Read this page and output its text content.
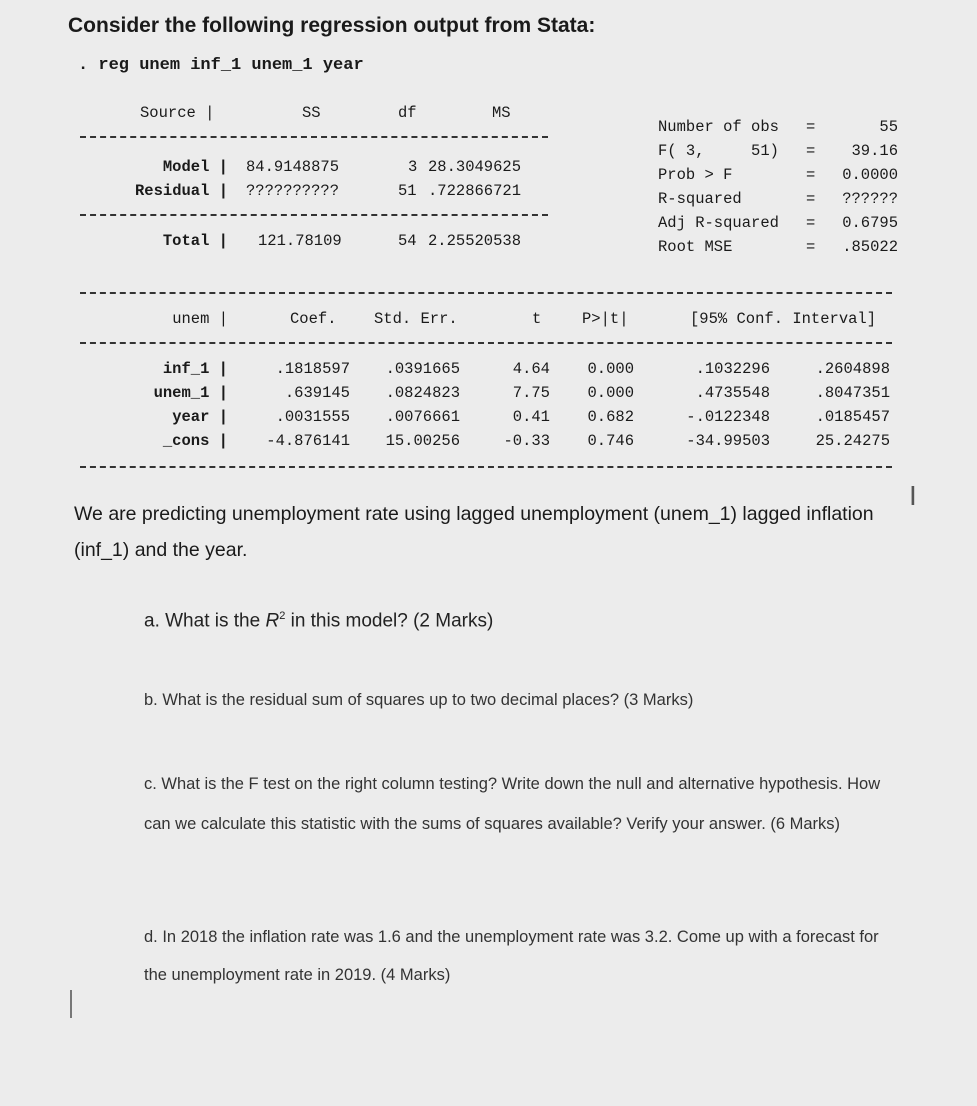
Consider the following regression output from Stata:
. reg unem inf_1 unem_1 year
Source |	SS	df	MS
Model | 84.9148875	3 28.3049625
Residual | ??????????	51 .722866721
Total | 121.78109	54 2.25520538
Number of obs =	55
F( 3,     51) =	39.16
Prob > F	=	0.0000
R-squared	=	??????
Adj R-squared =	0.6795
Root MSE	=	.85022
unem |	Coef. Std. Err.	t	P>|t|	[95% Conf. Interval]
inf_1 |	.1818597	.0391665	4.64	0.000	.1032296	.2604898
unem_1 |	.639145	.0824823	7.75	0.000	.4735548	.8047351
year |	.0031555	.0076661	0.41	0.682	-.0122348	.0185457
_cons |	-4.876141	15.00256	-0.33	0.746	-34.99503	25.24275
We are predicting unemployment rate using lagged unemployment (unem_1) lagged inflation (inf_1) and the year.
I
a. What is the $R^2$ in this model? (2 Marks)
b. What is the residual sum of squares up to two decimal places? (3 Marks)
c. What is the F test on the right column testing? Write down the null and alternative hypothesis. How can we calculate this statistic with the sums of squares available? Verify your answer. (6 Marks)
d. In 2018 the inflation rate was 1.6 and the unemployment rate was 3.2. Come up with a forecast for the unemployment rate in 2019. (4 Marks)
